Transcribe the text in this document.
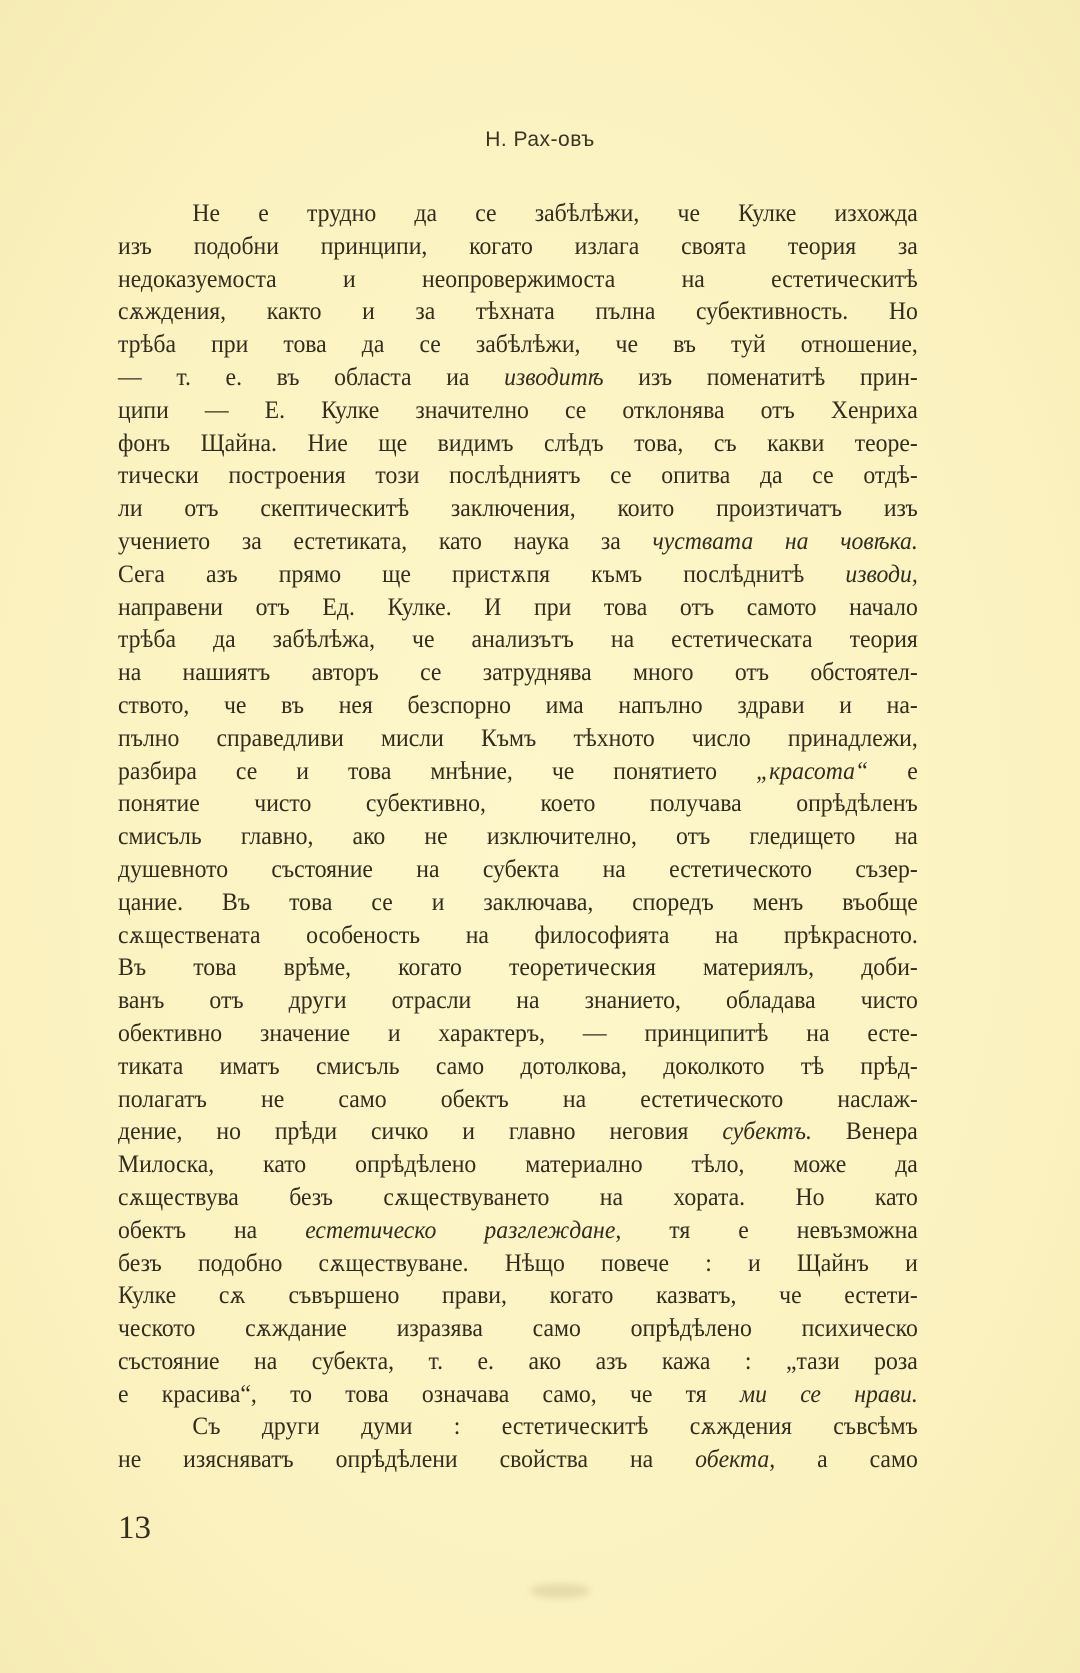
Н. Рах-овъ
Не е трудно да се забѣлѣжи, че Кулке изхожда
изъ подобни принципи, когато излага своята теория за
недоказуемоста и неопровержимоста на естетическитѣ
сѫждения, както и за тѣхната пълна субективность. Но
трѣба при това да се забѣлѣжи, че въ туй отношение,
— т. е. въ областа иа изводитѣ изъ поменатитѣ прин-
ципи — Е. Кулке значително се отклонява отъ Хенриха
фонъ Щайна. Ние ще видимъ слѣдъ това, съ какви теоре-
тически построения този послѣдниятъ се опитва да се отдѣ-
ли отъ скептическитѣ заключения, които произтичатъ изъ
учението за естетиката, като наука за чуствата на човѣка.
Сега азъ прямо ще пристѫпя къмъ послѣднитѣ изводи,
направени отъ Ед. Кулке. И при това отъ самото начало
трѣба да забѣлѣжа, че анализътъ на естетическата теория
на нашиятъ авторъ се затруднява много отъ обстоятел-
ството, че въ нея безспорно има напълно здрави и на-
пълно справедливи мисли Къмъ тѣхното число принадлежи,
разбира се и това мнѣние, че понятието „красота“ е
понятие чисто субективно, което получава опрѣдѣленъ
смисъль главно, ако не изключително, отъ гледището на
душевното състояние на субекта на естетическото съзер-
цание. Въ това се и заключава, споредъ менъ въобще
сѫществената особеность на философията на прѣкрасното.
Въ това врѣме, когато теоретическия материялъ, доби-
ванъ отъ други отрасли на знанието, обладава чисто
обективно значение и характеръ, — принципитѣ на есте-
тиката иматъ смисъль само дотолкова, доколкото тѣ прѣд-
полагатъ не само обектъ на естетическото наслаж-
дение, но прѣди сичко и главно неговия субектъ. Венера
Милоска, като опрѣдѣлено материално тѣло, може да
сѫществува безъ сѫществуването на хората. Но като
обектъ на естетическо разглеждане, тя е невъзможна
безъ подобно сѫществуване. Нѣщо повече : и Щайнъ и
Кулке сѫ съвършено прави, когато казватъ, че естети-
ческото сѫждание изразява само опрѣдѣлено психическо
състояние на субекта, т. е. ако азъ кажа : „тази роза
е красива“, то това означава само, че тя ми се нрави.
Съ други думи : естетическитѣ сѫждения съвсѣмъ
не изясняватъ опрѣдѣлени свойства на обекта, а само
13
